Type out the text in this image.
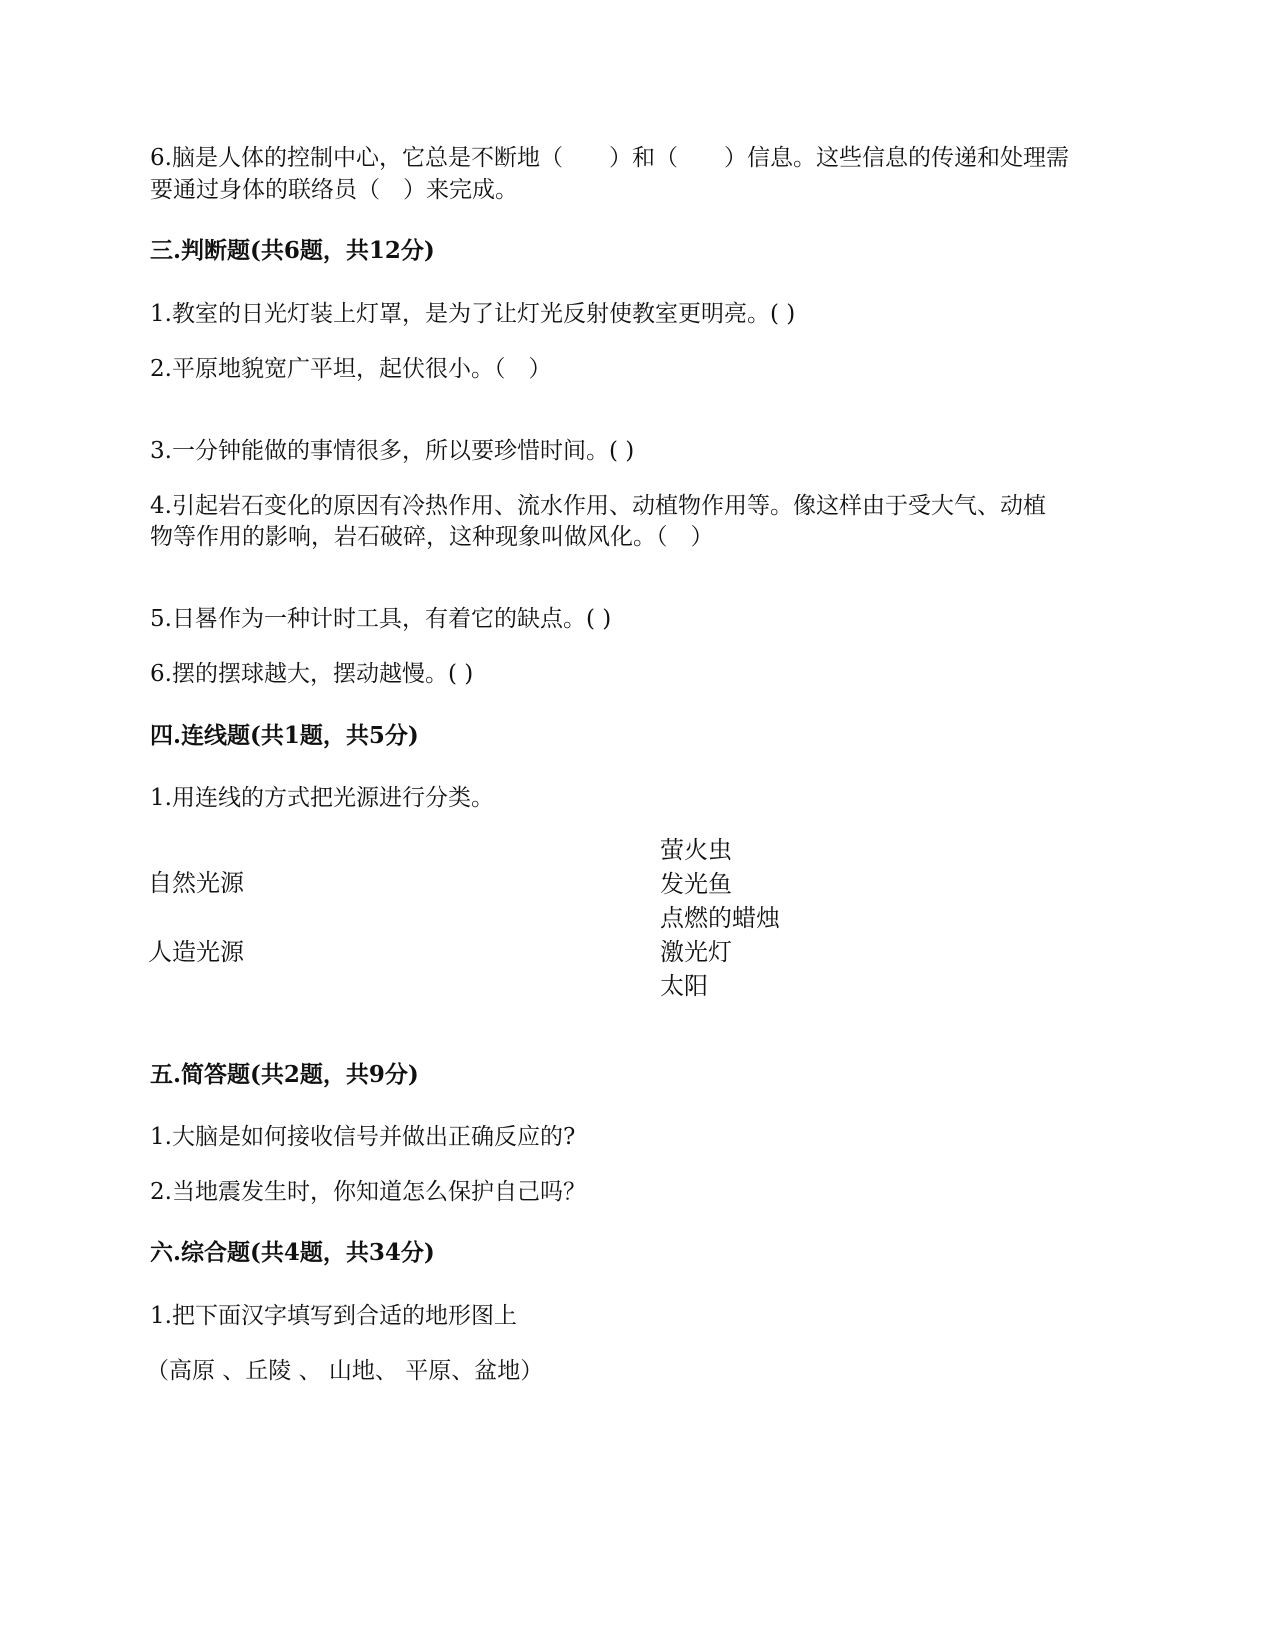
6.脑是人体的控制中心，它总是不断地（　　）和（　　）信息。这些信息的传递和处理需
要通过身体的联络员（　）来完成。
三.判断题(共6题，共12分)
1.教室的日光灯装上灯罩，是为了让灯光反射使教室更明亮。( )
2.平原地貌宽广平坦，起伏很小。（　）
3.一分钟能做的事情很多，所以要珍惜时间。( )
4.引起岩石变化的原因有冷热作用、流水作用、动植物作用等。像这样由于受大气、动植
物等作用的影响，岩石破碎，这种现象叫做风化。（　）
5.日晷作为一种计时工具，有着它的缺点。( )
6.摆的摆球越大，摆动越慢。( )
四.连线题(共1题，共5分)
1.用连线的方式把光源进行分类。
自然光源
人造光源
萤火虫
发光鱼
点燃的蜡烛
激光灯
太阳
五.简答题(共2题，共9分)
1.大脑是如何接收信号并做出正确反应的?
2.当地震发生时，你知道怎么保护自己吗？
六.综合题(共4题，共34分)
1.把下面汉字填写到合适的地形图上
（高原 、丘陵 、 山地、 平原、盆地）
